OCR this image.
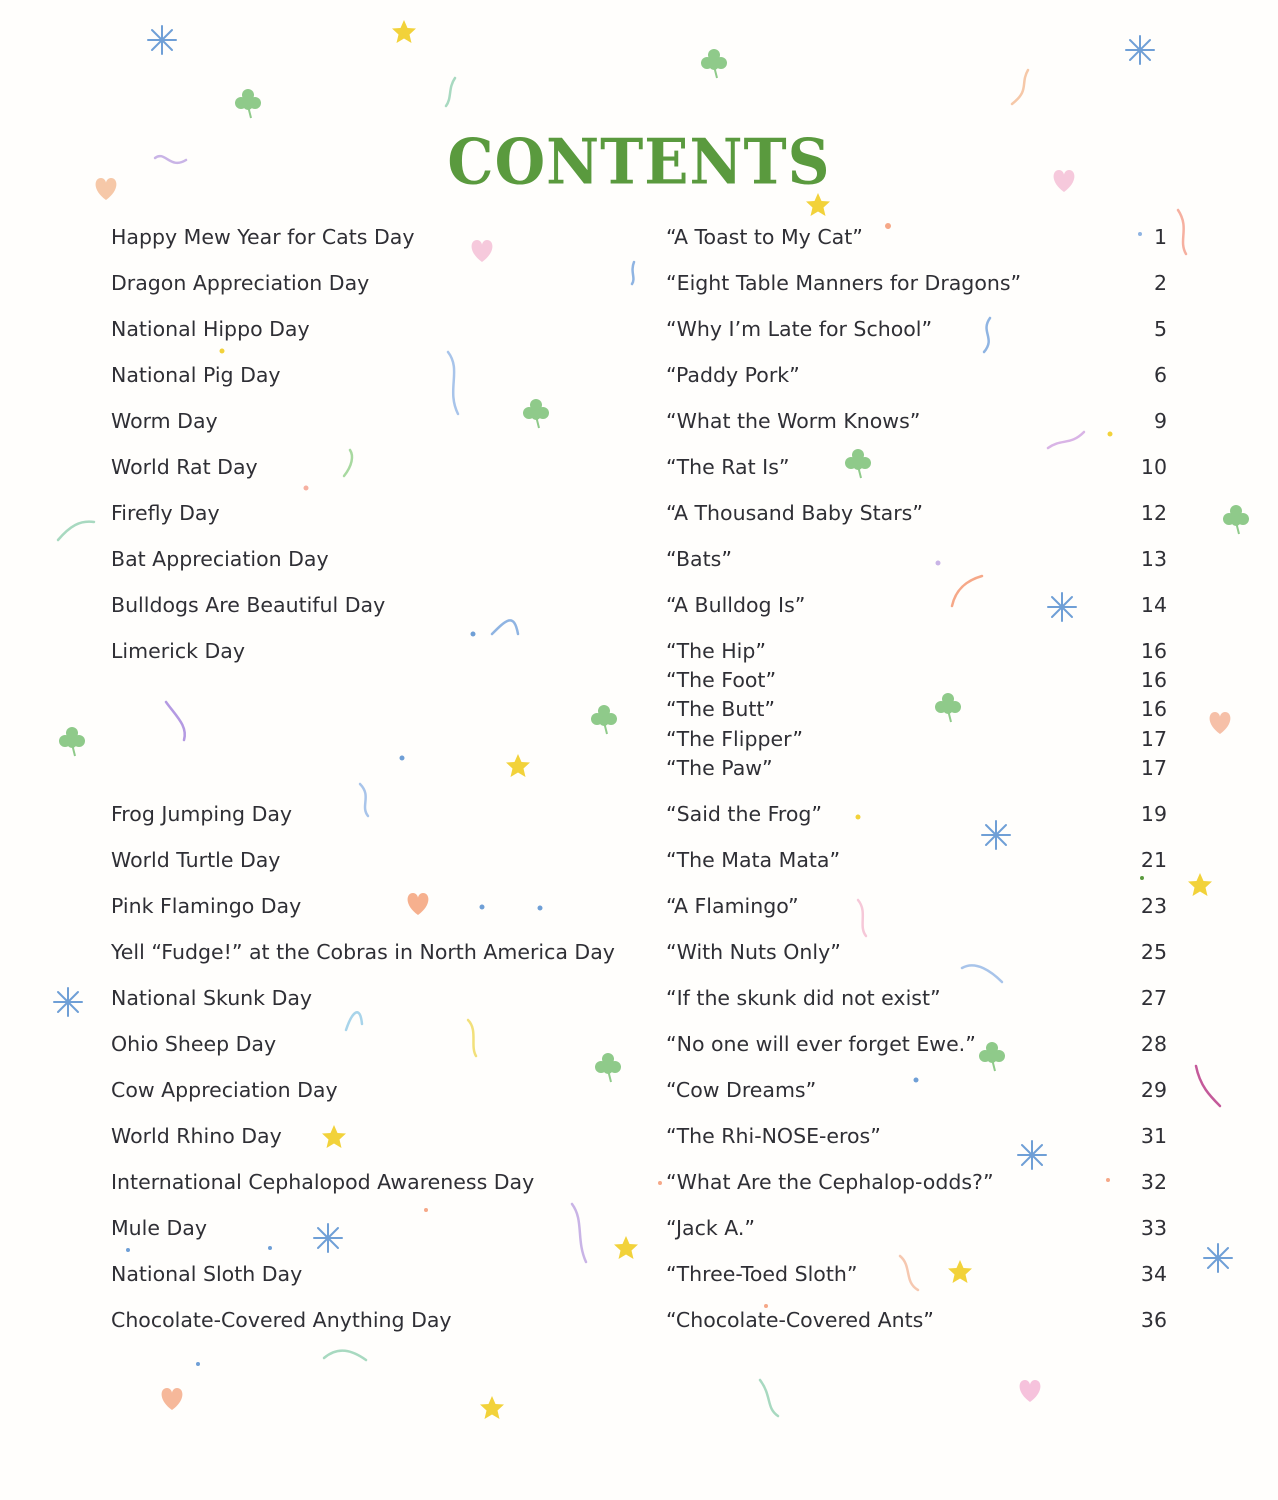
CONTENTS
Happy Mew Year for Cats Day	“A Toast to My Cat”	1
Dragon Appreciation Day	“Eight Table Manners for Dragons”	2
National Hippo Day	“Why I’m Late for School”	5
National Pig Day	“Paddy Pork”	6
Worm Day	“What the Worm Knows”	9
World Rat Day	“The Rat Is”	10
Firefly Day	“A Thousand Baby Stars”	12
Bat Appreciation Day	“Bats”	13
Bulldogs Are Beautiful Day	“A Bulldog Is”	14
Limerick Day	“The Hip”	16
“The Foot”	16
“The Butt”	16
“The Flipper”	17
“The Paw”	17
Frog Jumping Day	“Said the Frog”	19
World Turtle Day	“The Mata Mata”	21
Pink Flamingo Day	“A Flamingo”	23
Yell “Fudge!” at the Cobras in North America Day “With Nuts Only”	25
National Skunk Day	“If the skunk did not exist”	27
Ohio Sheep Day	“No one will ever forget Ewe.”	28
Cow Appreciation Day	“Cow Dreams”	29
World Rhino Day	“The Rhi-NOSE-eros”	31
International Cephalopod Awareness Day	“What Are the Cephalop-odds?”	32
Mule Day	“Jack A.”	33
National Sloth Day	“Three-Toed Sloth”	34
Chocolate-Covered Anything Day	“Chocolate-Covered Ants”	36
